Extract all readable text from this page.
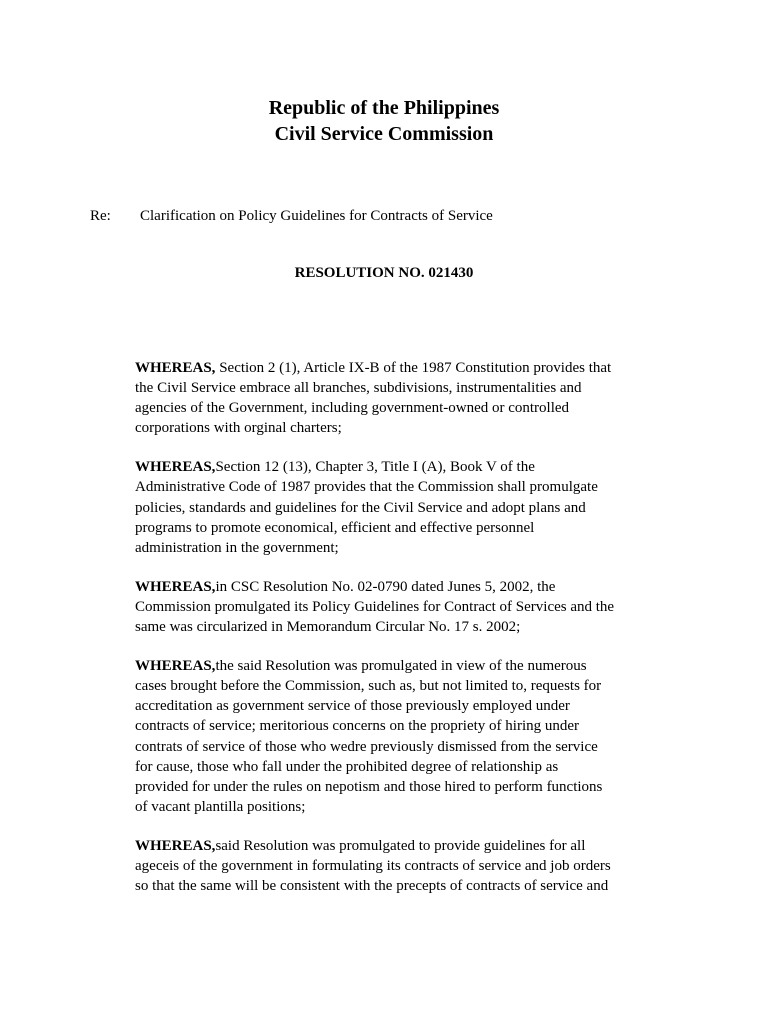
Republic of the Philippines
Civil Service Commission
Re: Clarification on Policy Guidelines for Contracts of Service
RESOLUTION NO. 021430
WHEREAS, Section 2 (1), Article IX-B of the 1987 Constitution provides that
the Civil Service embrace all branches, subdivisions, instrumentalities and
agencies of the Government, including government-owned or controlled
corporations with orginal charters;
WHEREAS,Section 12 (13), Chapter 3, Title I (A), Book V of the
Administrative Code of 1987 provides that the Commission shall promulgate
policies, standards and guidelines for the Civil Service and adopt plans and
programs to promote economical, efficient and effective personnel
administration in the government;
WHEREAS,in CSC Resolution No. 02-0790 dated Junes 5, 2002, the
Commission promulgated its Policy Guidelines for Contract of Services and the
same was circularized in Memorandum Circular No. 17 s. 2002;
WHEREAS,the said Resolution was promulgated in view of the numerous
cases brought before the Commission, such as, but not limited to, requests for
accreditation as government service of those previously employed under
contracts of service; meritorious concerns on the propriety of hiring under
contrats of service of those who wedre previously dismissed from the service
for cause, those who fall under the prohibited degree of relationship as
provided for under the rules on nepotism and those hired to perform functions
of vacant plantilla positions;
WHEREAS,said Resolution was promulgated to provide guidelines for all
ageceis of the government in formulating its contracts of service and job orders
so that the same will be consistent with the precepts of contracts of service and
